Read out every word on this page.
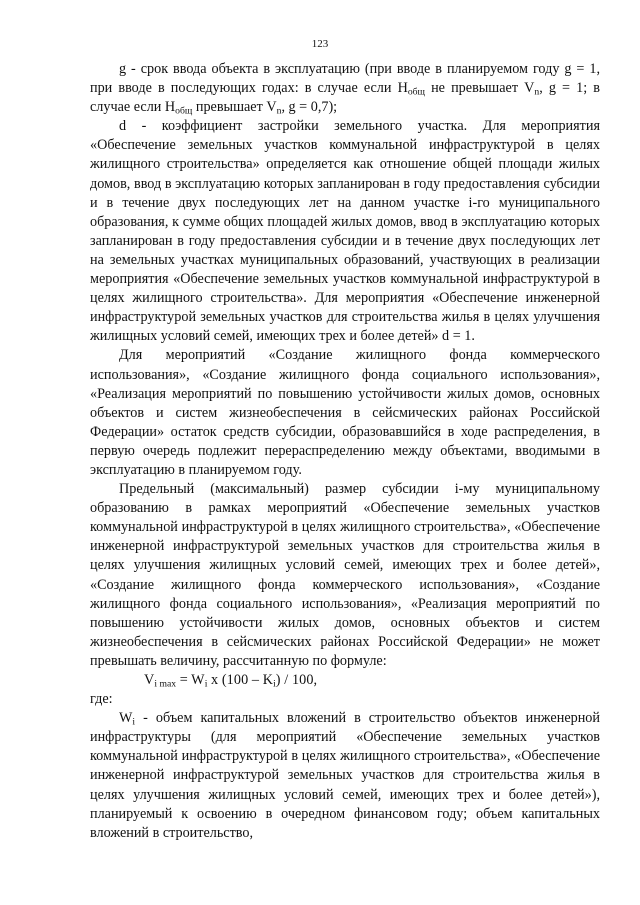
123

g - срок ввода объекта в эксплуатацию (при вводе в планируемом году g = 1, при вводе в последующих годах: в случае если $H_{общ}$ не превышает $V_n$, g = 1; в случае если $H_{общ}$ превышает $V_n$, g = 0,7);

d - коэффициент застройки земельного участка. Для мероприятия «Обеспечение земельных участков коммунальной инфраструктурой в целях жилищного строительства» определяется как отношение общей площади жилых домов, ввод в эксплуатацию которых запланирован в году предоставления субсидии и в течение двух последующих лет на данном участке i-го муниципального образования, к сумме общих площадей жилых домов, ввод в эксплуатацию которых запланирован в году предоставления субсидии и в течение двух последующих лет на земельных участках муниципальных образований, участвующих в реализации мероприятия «Обеспечение земельных участков коммунальной инфраструктурой в целях жилищного строительства». Для мероприятия «Обеспечение инженерной инфраструктурой земельных участков для строительства жилья в целях улучшения жилищных условий семей, имеющих трех и более детей» d = 1.

Для мероприятий «Создание жилищного фонда коммерческого использования», «Создание жилищного фонда социального использования», «Реализация мероприятий по повышению устойчивости жилых домов, основных объектов и систем жизнеобеспечения в сейсмических районах Российской Федерации» остаток средств субсидии, образовавшийся в ходе распределения, в первую очередь подлежит перераспределению между объектами, вводимыми в эксплуатацию в планируемом году.

Предельный (максимальный) размер субсидии i-му муниципальному образованию в рамках мероприятий «Обеспечение земельных участков коммунальной инфраструктурой в целях жилищного строительства», «Обеспечение инженерной инфраструктурой земельных участков для строительства жилья в целях улучшения жилищных условий семей, имеющих трех и более детей», «Создание жилищного фонда коммерческого использования», «Создание жилищного фонда социального использования», «Реализация мероприятий по повышению устойчивости жилых домов, основных объектов и систем жизнеобеспечения в сейсмических районах Российской Федерации» не может превышать величину, рассчитанную по формуле:

$V_{i max} = W_i$ x $(100 - K_i) / 100$,

где:

$W_i$ - объем капитальных вложений в строительство объектов инженерной инфраструктуры (для мероприятий «Обеспечение земельных участков коммунальной инфраструктурой в целях жилищного строительства», «Обеспечение инженерной инфраструктурой земельных участков для строительства жилья в целях улучшения жилищных условий семей, имеющих трех и более детей»), планируемый к освоению в очередном финансовом году; объем капитальных вложений в строительство,
